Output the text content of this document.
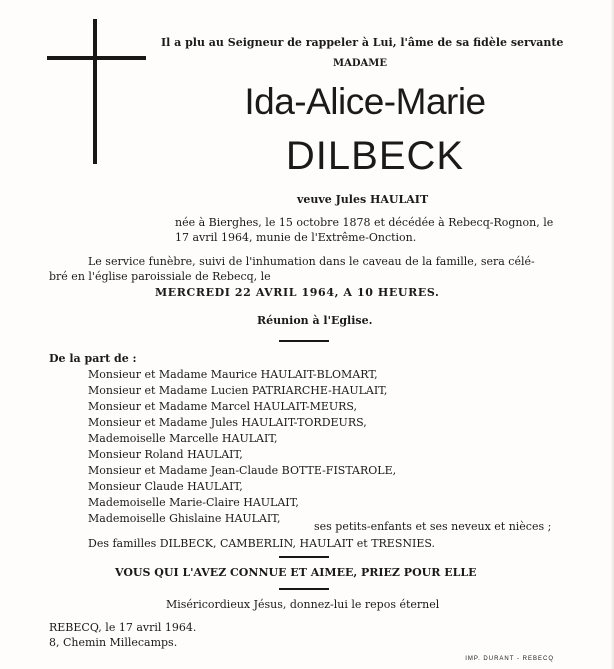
Il a plu au Seigneur de rappeler à Lui, l'âme de sa fidèle servante
MADAME
Ida-Alice-Marie
DILBECK
veuve Jules HAULAIT
née à Bierghes, le 15 octobre 1878 et décédée à Rebecq-Rognon, le
17 avril 1964, munie de l'Extrême-Onction.
Le service funèbre, suivi de l'inhumation dans le caveau de la famille, sera célé-
bré en l'église paroissiale de Rebecq, le
MERCREDI 22 AVRIL 1964, A 10 HEURES.
Réunion à l'Eglise.
De la part de :
Monsieur et Madame Maurice HAULAIT-BLOMART,
Monsieur et Madame Lucien PATRIARCHE-HAULAIT,
Monsieur et Madame Marcel HAULAIT-MEURS,
Monsieur et Madame Jules HAULAIT-TORDEURS,
Mademoiselle Marcelle HAULAIT,
Monsieur Roland HAULAIT,
Monsieur et Madame Jean-Claude BOTTE-FISTAROLE,
Monsieur Claude HAULAIT,
Mademoiselle Marie-Claire HAULAIT,
Mademoiselle Ghislaine HAULAIT,
ses petits-enfants et ses neveux et nièces ;
Des familles DILBECK, CAMBERLIN, HAULAIT et TRESNIES.
VOUS QUI L'AVEZ CONNUE ET AIMEE, PRIEZ POUR ELLE
Miséricordieux Jésus, donnez-lui le repos éternel
REBECQ, le 17 avril 1964.
8, Chemin Millecamps.
IMP. DURANT - REBECQ
